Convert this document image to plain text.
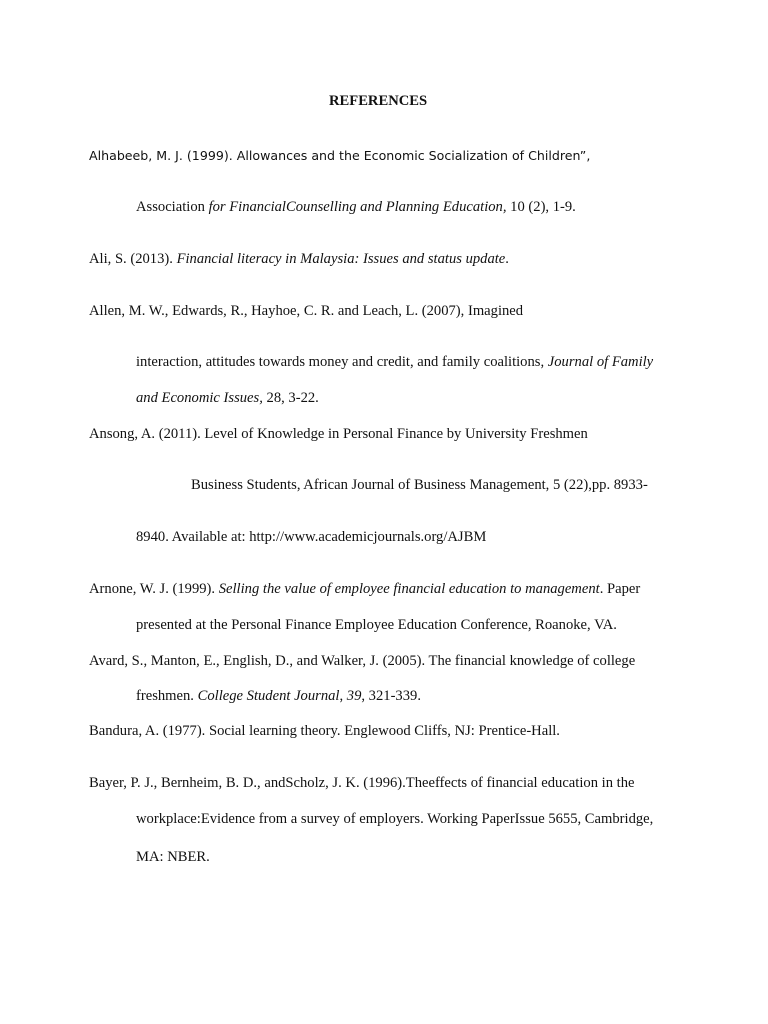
REFERENCES
Alhabeeb, M. J. (1999). Allowances and the Economic Socialization of Children”,
Association for FinancialCounselling and Planning Education, 10 (2), 1-9.
Ali, S. (2013). Financial literacy in Malaysia: Issues and status update.
Allen, M. W., Edwards, R., Hayhoe, C. R. and Leach, L. (2007), Imagined
interaction, attitudes towards money and credit, and family coalitions, Journal of Family
and Economic Issues, 28, 3-22.
Ansong, A. (2011). Level of Knowledge in Personal Finance by University Freshmen
Business Students, African Journal of Business Management, 5 (22),pp. 8933-
8940. Available at: http://www.academicjournals.org/AJBM
Arnone, W. J. (1999). Selling the value of employee financial education to management. Paper
presented at the Personal Finance Employee Education Conference, Roanoke, VA.
Avard, S., Manton, E., English, D., and Walker, J. (2005). The financial knowledge of college
freshmen. College Student Journal, 39, 321-339.
Bandura, A. (1977). Social learning theory. Englewood Cliffs, NJ: Prentice-Hall.
Bayer, P. J., Bernheim, B. D., andScholz, J. K. (1996).Theeffects of financial education in the
workplace:Evidence from a survey of employers. Working PaperIssue 5655, Cambridge,
MA: NBER.
